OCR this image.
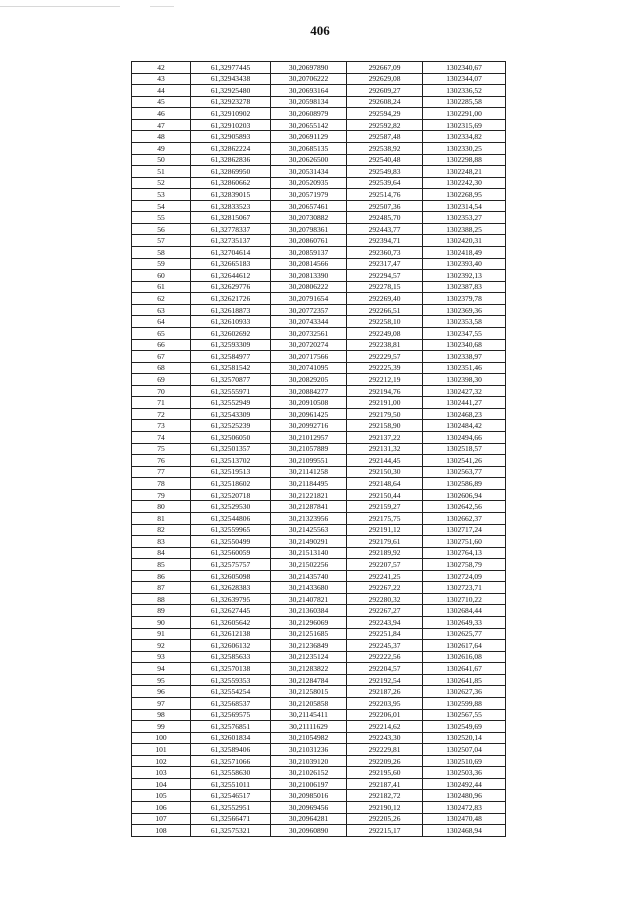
406
42	61,32977445	30,20697890	292667,09	1302340,67
43	61,32943438	30,20706222	292629,08	1302344,07
44	61,32925480	30,20693164	292609,27	1302336,52
45	61,32923278	30,20598134	292608,24	1302285,58
46	61,32910902	30,20608979	292594,29	1302291,00
47	61,32910203	30,20655142	292592,82	1302315,69
48	61,32905893	30,20691129	292587,48	1302334,82
49	61,32862224	30,20685135	292538,92	1302330,25
50	61,32862836	30,20626500	292540,48	1302298,88
51	61,32869950	30,20531434	292549,83	1302248,21
52	61,32860662	30,20520935	292539,64	1302242,30
53	61,32839015	30,20571979	292514,76	1302268,95
54	61,32833523	30,20657461	292507,36	1302314,54
55	61,32815067	30,20730882	292485,70	1302353,27
56	61,32778337	30,20798361	292443,77	1302388,25
57	61,32735137	30,20860761	292394,71	1302420,31
58	61,32704614	30,20859137	292360,73	1302418,49
59	61,32665183	30,20814566	292317,47	1302393,40
60	61,32644612	30,20813390	292294,57	1302392,13
61	61,32629776	30,20806222	292278,15	1302387,83
62	61,32621726	30,20791654	292269,40	1302379,78
63	61,32618873	30,20772357	292266,51	1302369,36
64	61,32610933	30,20743344	292258,10	1302353,58
65	61,32602692	30,20732561	292249,08	1302347,55
66	61,32593309	30,20720274	292238,81	1302340,68
67	61,32584977	30,20717566	292229,57	1302338,97
68	61,32581542	30,20741095	292225,39	1302351,46
69	61,32570877	30,20829205	292212,19	1302398,30
70	61,32555971	30,20884277	292194,76	1302427,32
71	61,32552949	30,20910508	292191,00	1302441,27
72	61,32543309	30,20961425	292179,50	1302468,23
73	61,32525239	30,20992716	292158,90	1302484,42
74	61,32506050	30,21012957	292137,22	1302494,66
75	61,32501357	30,21057889	292131,32	1302518,57
76	61,32513702	30,21099551	292144,45	1302541,26
77	61,32519513	30,21141258	292150,30	1302563,77
78	61,32518602	30,21184495	292148,64	1302586,89
79	61,32520718	30,21221821	292150,44	1302606,94
80	61,32529530	30,21287841	292159,27	1302642,56
81	61,32544806	30,21323956	292175,75	1302662,37
82	61,32559965	30,21425563	292191,12	1302717,24
83	61,32550499	30,21490291	292179,61	1302751,60
84	61,32560059	30,21513140	292189,92	1302764,13
85	61,32575757	30,21502256	292207,57	1302758,79
86	61,32605098	30,21435740	292241,25	1302724,09
87	61,32628383	30,21433680	292267,22	1302723,71
88	61,32639795	30,21407821	292280,32	1302710,22
89	61,32627445	30,21360384	292267,27	1302684,44
90	61,32605642	30,21296069	292243,94	1302649,33
91	61,32612138	30,21251685	292251,84	1302625,77
92	61,32606132	30,21236849	292245,37	1302617,64
93	61,32585633	30,21235124	292222,56	1302616,08
94	61,32570138	30,21283822	292204,57	1302641,67
95	61,32559353	30,21284784	292192,54	1302641,85
96	61,32554254	30,21258015	292187,26	1302627,36
97	61,32568537	30,21205858	292203,95	1302599,88
98	61,32569575	30,21145411	292206,01	1302567,55
99	61,32576851	30,21111629	292214,62	1302549,69
100	61,32601834	30,21054982	292243,30	1302520,14
101	61,32589406	30,21031236	292229,81	1302507,04
102	61,32571066	30,21039120	292209,26	1302510,69
103	61,32558630	30,21026152	292195,60	1302503,36
104	61,32551011	30,21006197	292187,41	1302492,44
105	61,32546517	30,20985016	292182,72	1302480,96
106	61,32552951	30,20969456	292190,12	1302472,83
107	61,32566471	30,20964281	292205,26	1302470,48
108	61,32575321	30,20960890	292215,17	1302468,94
